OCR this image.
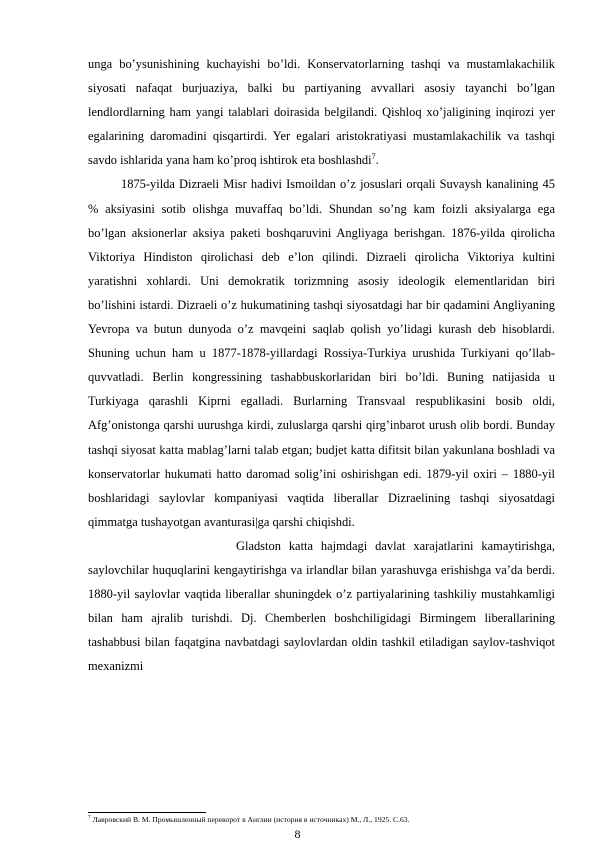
unga bo’ysunishining kuchayishi bo’ldi. Konservatorlarning tashqi va mustamlakachilik siyosati nafaqat burjuaziya, balki bu partiyaning avvallari asosiy tayanchi bo’lgan lendlordlarning ham yangi talablari doirasida belgilandi. Qishloq xo’jaligining inqirozi yer egalarining daromadini qisqartirdi. Yer egalari aristokratiyasi mustamlakachilik va tashqi savdo ishlarida yana ham ko’proq ishtirok eta boshlashdi$^7$.

1875-yilda Dizraeli Misr hadivi Ismoildan o’z josuslari orqali Suvaysh kanalining 45 % aksiyasini sotib olishga muvaffaq bo’ldi. Shundan so’ng kam foizli aksiyalarga ega bo’lgan aksionerlar aksiya paketi boshqaruvini Angliyaga berishgan. 1876-yilda qirolicha Viktoriya Hindiston qirolichasi deb e’lon qilindi. Dizraeli qirolicha Viktoriya kultini yaratishni xohlardi. Uni demokratik torizmning asosiy ideologik elementlaridan biri bo’lishini istardi. Dizraeli o’z hukumatining tashqi siyosatdagi har bir qadamini Angliyaning Yevropa va butun dunyoda o’z mavqeini saqlab qolish yo’lidagi kurash deb hisoblardi. Shuning uchun ham u 1877-1878-yillardagi Rossiya-Turkiya urushida Turkiyani qo’llab-quvvatladi. Berlin kongressining tashabbuskorlaridan biri bo’ldi. Buning natijasida u Turkiyaga qarashli Kiprni egalladi. Burlarning Transvaal respublikasini bosib oldi, Afg’onistonga qarshi uurushga kirdi, zuluslarga qarshi qirg’inbarot urush olib bordi. Bunday tashqi siyosat katta mablag’larni talab etgan; budjet katta difitsit bilan yakunlana boshladi va konservatorlar hukumati hatto daromad solig’ini oshirishgan edi. 1879-yil oxiri – 1880-yil boshlaridagi saylovlar kompaniyasi vaqtida liberallar Dizraelining tashqi siyosatdagi qimmatga tushayotgan avanturasi|ga qarshi chiqishdi.

Gladston katta hajmdagi davlat xarajatlarini kamaytirishga, saylovchilar huquqlarini kengaytirishga va irlandlar bilan yarashuvga erishishga va’da berdi. 1880-yil saylovlar vaqtida liberallar shuningdek o’z partiyalarining tashkiliy mustahkamligi bilan ham ajralib turishdi. Dj. Chemberlen boshchiligidagi Birmingem liberallarining tashabbusi bilan faqatgina navbatdagi saylovlardan oldin tashkil etiladigan saylov-tashviqot mexanizmi

$^7$ Лавровский В. М. Промышленный переворот в Англии (история в источниках) М., Л., 1925. С.63.
8
